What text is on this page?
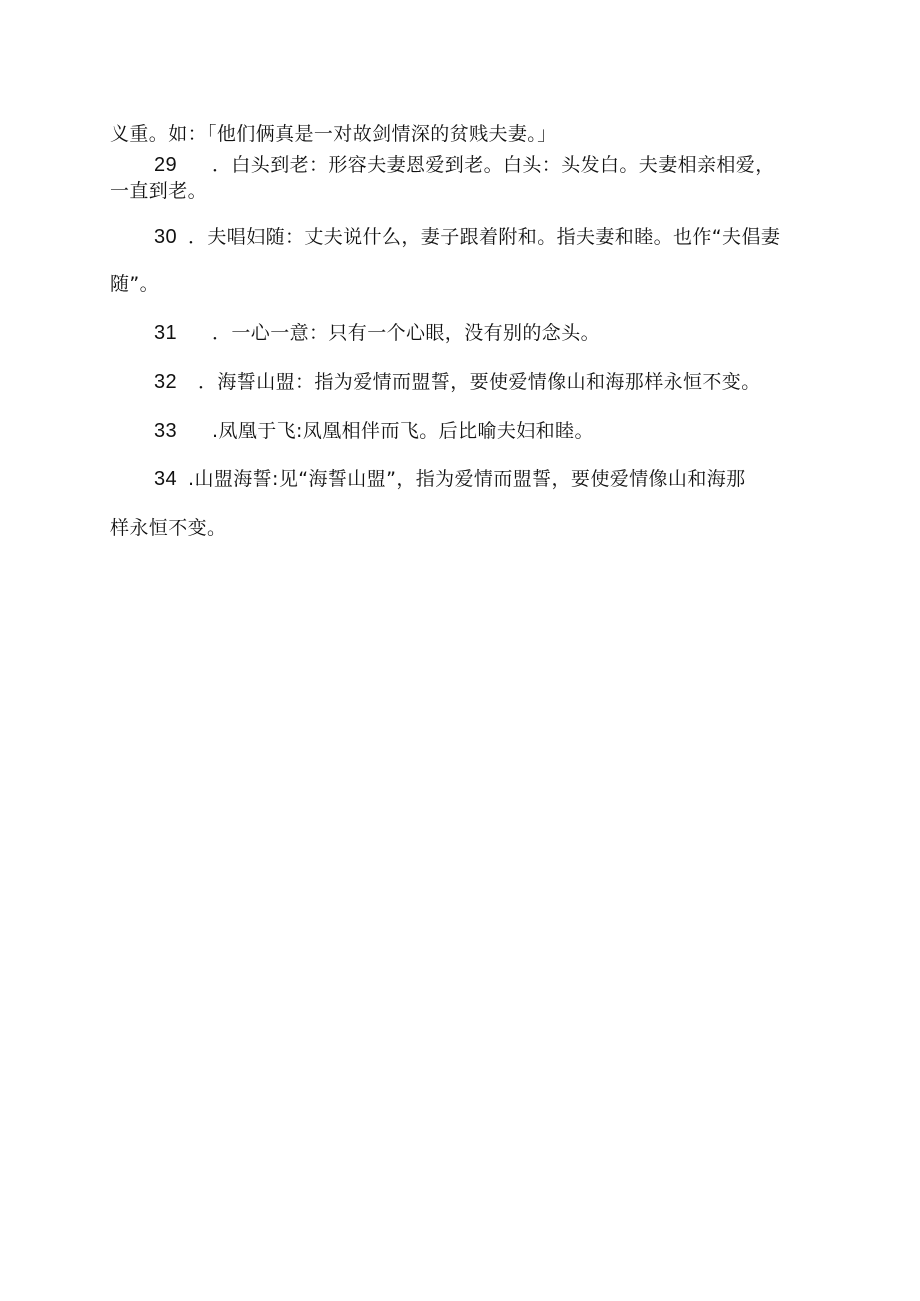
义重。如：「他们俩真是一对故剑情深的贫贱夫妻。」
29 ．白头到老：形容夫妻恩爱到老。白头：头发白。夫妻相亲相爱，
一直到老。
30 ．夫唱妇随：丈夫说什么，妻子跟着附和。指夫妻和睦。也作“夫倡妻
随”。
31 ．一心一意：只有一个心眼，没有别的念头。
32 ．海誓山盟：指为爱情而盟誓，要使爱情像山和海那样永恒不变。
33 .凤凰于飞:凤凰相伴而飞。后比喻夫妇和睦。
34 .山盟海誓:见“海誓山盟”，指为爱情而盟誓，要使爱情像山和海那
样永恒不变。
